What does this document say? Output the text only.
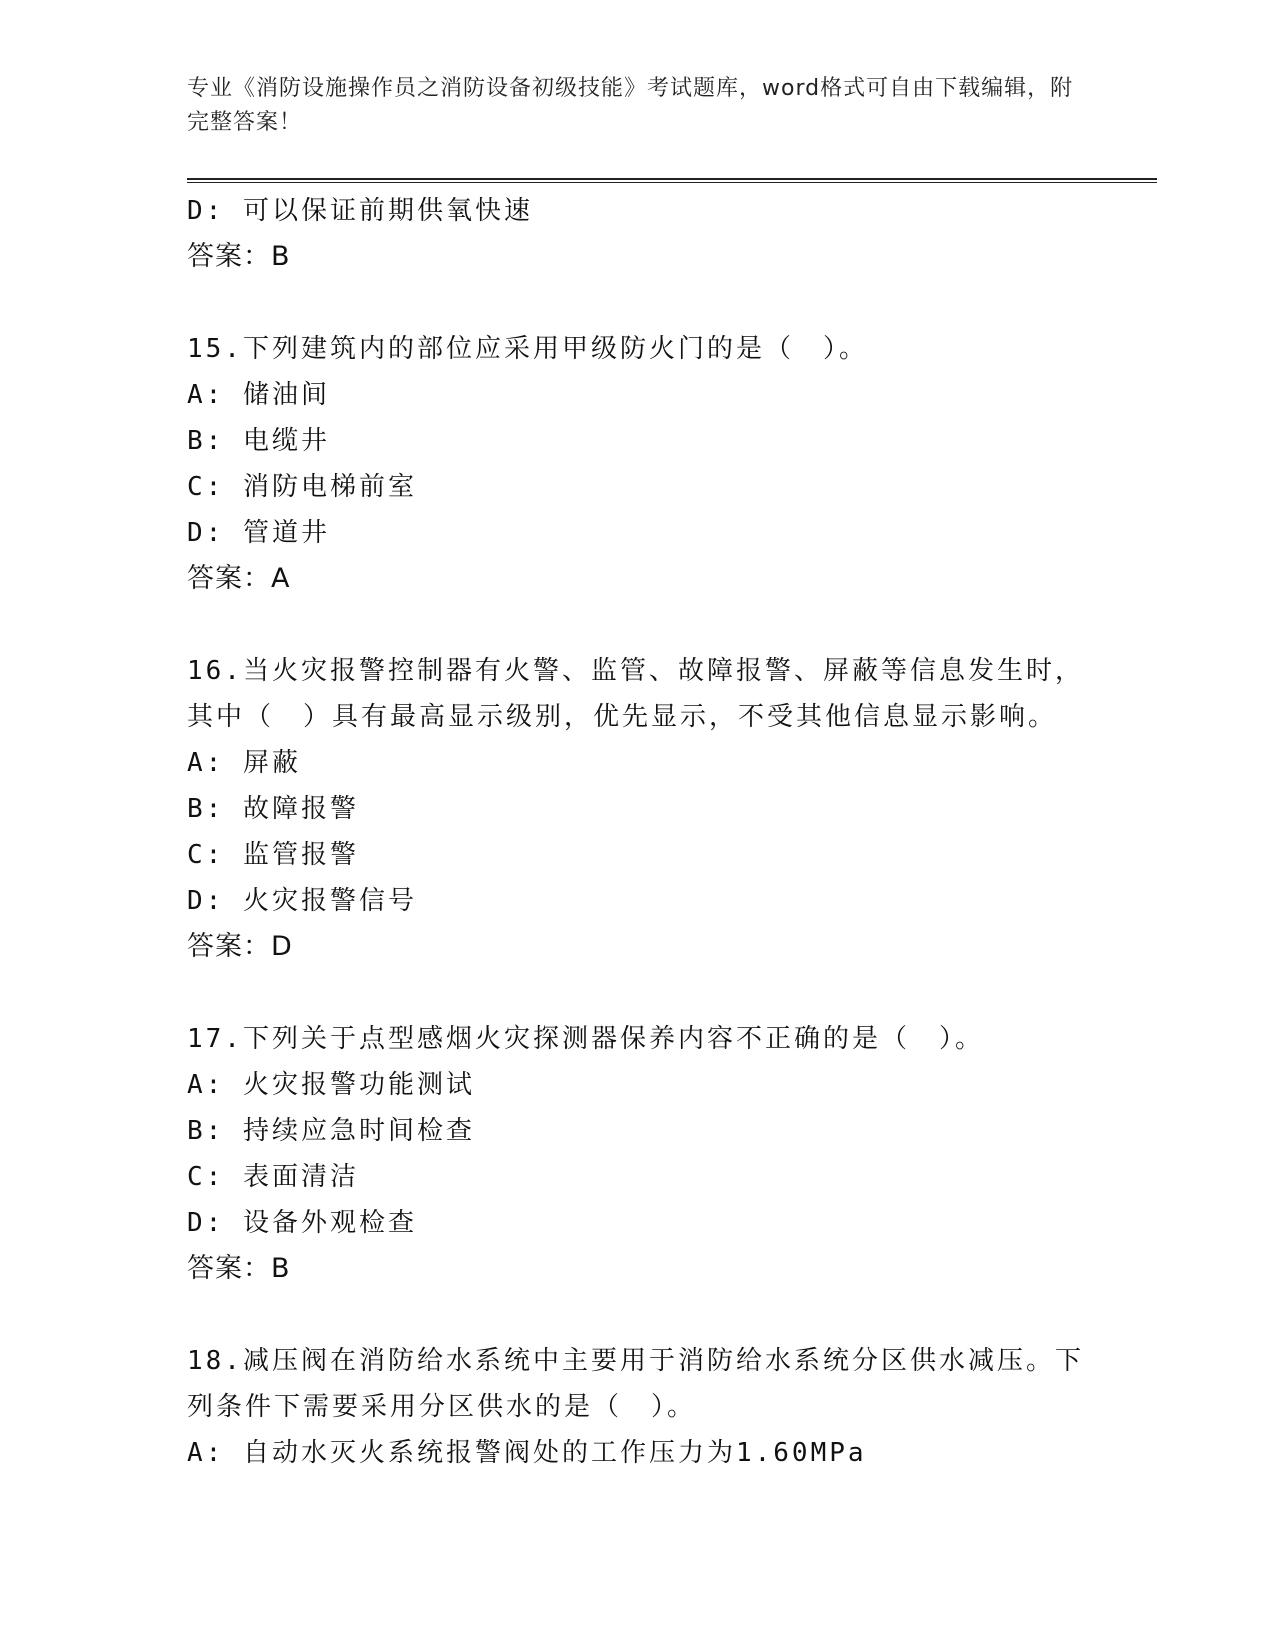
专业《消防设施操作员之消防设备初级技能》考试题库，word格式可自由下载编辑，附完整答案！
D: 可以保证前期供氧快速
答案：B
15.下列建筑内的部位应采用甲级防火门的是（　）。
A: 储油间
B: 电缆井
C: 消防电梯前室
D: 管道井
答案：A
16.当火灾报警控制器有火警、监管、故障报警、屏蔽等信息发生时，
其中（　）具有最高显示级别，优先显示，不受其他信息显示影响。
A: 屏蔽
B: 故障报警
C: 监管报警
D: 火灾报警信号
答案：D
17.下列关于点型感烟火灾探测器保养内容不正确的是（　）。
A: 火灾报警功能测试
B: 持续应急时间检查
C: 表面清洁
D: 设备外观检查
答案：B
18.减压阀在消防给水系统中主要用于消防给水系统分区供水减压。下
列条件下需要采用分区供水的是（　）。
A: 自动水灭火系统报警阀处的工作压力为1.60MPa
